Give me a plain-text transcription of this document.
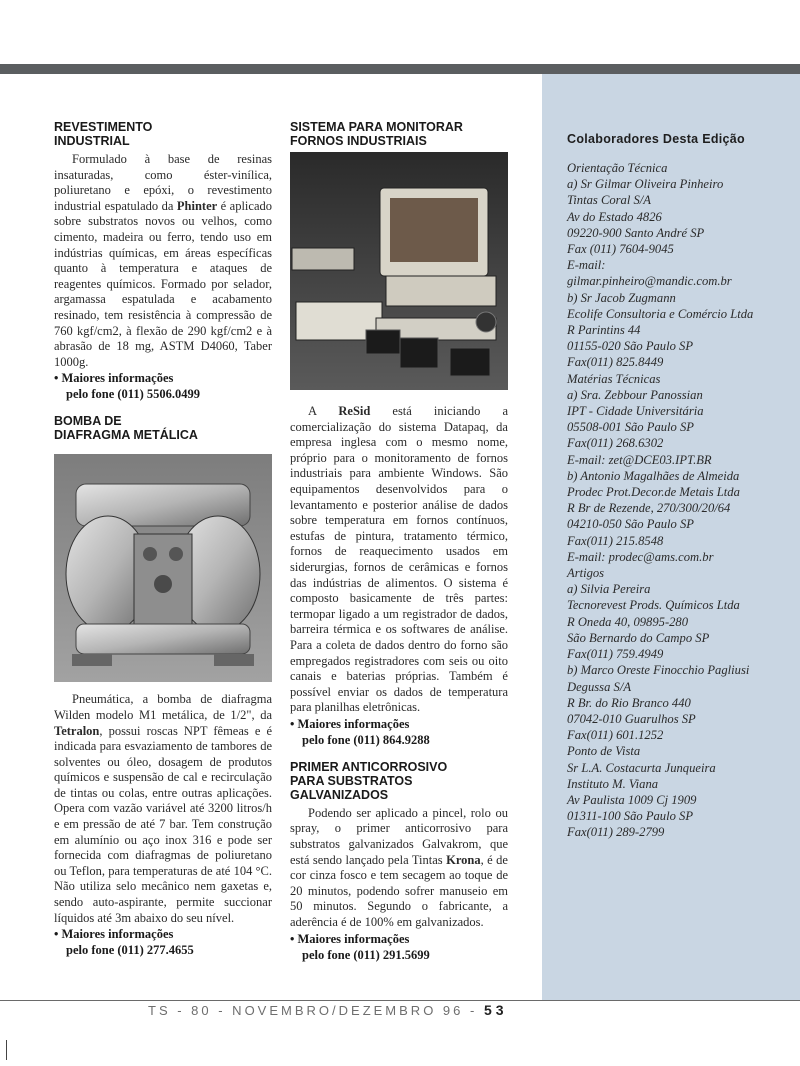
REVESTIMENTO
INDUSTRIAL

Formulado à base de resinas insaturadas, como éster-vinílica, poliuretano e epóxi, o revestimento industrial espatulado da Phinter é aplicado sobre substratos novos ou velhos, como cimento, madeira ou ferro, tendo uso em indústrias químicas, em áreas específicas quanto à temperatura e ataques de reagentes químicos. Formado por selador, argamassa espatulada e acabamento resinado, tem resistência à compressão de 760 kgf/cm2, à flexão de 290 kgf/cm2 e à abrasão de 18 mg, ASTM D4060, Taber 1000g.

• Maiores informações
pelo fone (011) 5506.0499
BOMBA DE
DIAFRAGMA METÁLICA

Pneumática, a bomba de diafragma Wilden modelo M1 metálica, de 1/2", da Tetralon, possui roscas NPT fêmeas e é indicada para esvaziamento de tambores de solventes ou óleo, dosagem de produtos químicos e suspensão de cal e recirculação de tintas ou colas, entre outras aplicações. Opera com vazão variável até 3200 litros/h e em pressão de até 7 bar. Tem construção em alumínio ou aço inox 316 e pode ser fornecida com diafragmas de poliuretano ou Teflon, para temperaturas de até 104 °C. Não utiliza selo mecânico nem gaxetas e, sendo auto-aspirante, permite succionar líquidos até 3m abaixo do seu nível.

• Maiores informações
pelo fone (011) 277.4655
SISTEMA PARA MONITORAR
FORNOS INDUSTRIAIS

A ReSid está iniciando a comercialização do sistema Datapaq, da empresa inglesa com o mesmo nome, próprio para o monitoramento de fornos industriais para ambiente Windows. São equipamentos desenvolvidos para o levantamento e posterior análise de dados sobre temperatura em fornos contínuos, estufas de pintura, tratamento térmico, fornos de reaquecimento usados em siderurgias, fornos de cerâmicas e fornos das indústrias de alimentos. O sistema é composto basicamente de três partes: termopar ligado a um registrador de dados, barreira térmica e os softwares de análise. Para a coleta de dados dentro do forno são empregados registradores com seis ou oito canais e baterias próprias. Também é possível enviar os dados de temperatura para planilhas eletrônicas.

• Maiores informações
pelo fone (011) 864.9288
PRIMER ANTICORROSIVO
PARA SUBSTRATOS GALVANIZADOS

Podendo ser aplicado a pincel, rolo ou spray, o primer anticorrosivo para substratos galvanizados Galvakrom, que está sendo lançado pela Tintas Krona, é de cor cinza fosco e tem secagem ao toque de 20 minutos, podendo sofrer manuseio em 50 minutos. Segundo o fabricante, a aderência é de 100% em galvanizados.

• Maiores informações
pelo fone (011) 291.5699
Colaboradores Desta Edição
Orientação Técnica
a) Sr Gilmar Oliveira Pinheiro
Tintas Coral S/A
Av do Estado 4826
09220-900 Santo André SP
Fax (011) 7604-9045
E-mail:
gilmar.pinheiro@mandic.com.br
b) Sr Jacob Zugmann
Ecolife Consultoria e Comércio Ltda
R Parintins 44
01155-020 São Paulo SP
Fax(011) 825.8449
Matérias Técnicas
a) Sra. Zebbour Panossian
IPT - Cidade Universitária
05508-001 São Paulo SP
Fax(011) 268.6302
E-mail: zet@DCE03.IPT.BR
b) Antonio Magalhães de Almeida
Prodec Prot.Decor.de Metais Ltda
R Br de Rezende, 270/300/20/64
04210-050 São Paulo SP
Fax(011) 215.8548
E-mail: prodec@ams.com.br
Artigos
a) Silvia Pereira
Tecnorevest Prods. Químicos Ltda
R Oneda 40, 09895-280
São Bernardo do Campo SP
Fax(011) 759.4949
b) Marco Oreste Finocchio Pagliusi
Degussa S/A
R Br. do Rio Branco 440
07042-010 Guarulhos SP
Fax(011) 601.1252
Ponto de Vista
Sr L.A. Costacurta Junqueira
Instituto M. Viana
Av Paulista 1009 Cj 1909
01311-100 São Paulo SP
Fax(011) 289-2799
TS - 80 - NOVEMBRO/DEZEMBRO 96 - 53
